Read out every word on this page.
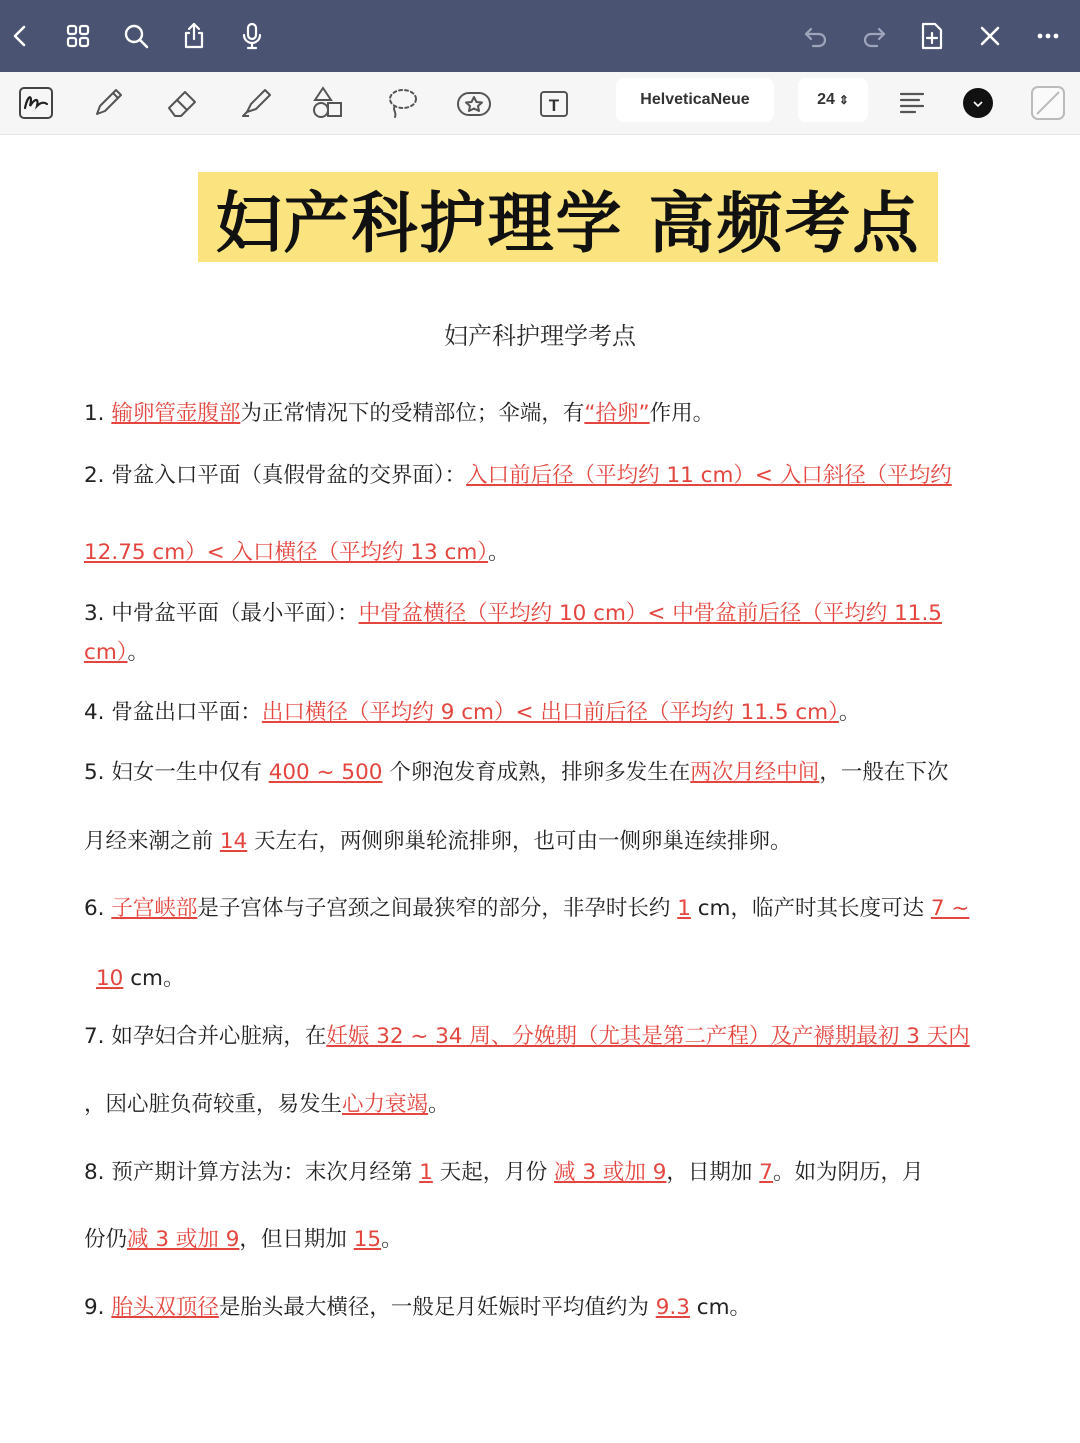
T	HelveticaNeue	24 ⇕
妇产科护理学 高频考点
妇产科护理学考点
1. 输卵管壶腹部为正常情况下的受精部位；伞端，有“拾卵”作用。
2. 骨盆入口平面（真假骨盆的交界面）：入口前后径（平均约 11 cm）< 入口斜径（平均约
12.75 cm）< 入口横径（平均约 13 cm）。
3. 中骨盆平面（最小平面）：中骨盆横径（平均约 10 cm）< 中骨盆前后径（平均约 11.5
cm）。
4. 骨盆出口平面：出口横径（平均约 9 cm）< 出口前后径（平均约 11.5 cm）。
5. 妇女一生中仅有 400 ~ 500 个卵泡发育成熟，排卵多发生在两次月经中间，一般在下次
月经来潮之前 14 天左右，两侧卵巢轮流排卵，也可由一侧卵巢连续排卵。
6. 子宫峡部是子宫体与子宫颈之间最狭窄的部分，非孕时长约 1 cm，临产时其长度可达 7 ~
10 cm。
7. 如孕妇合并心脏病，在妊娠 32 ~ 34 周、分娩期（尤其是第二产程）及产褥期最初 3 天内
，因心脏负荷较重，易发生心力衰竭。
8. 预产期计算方法为：末次月经第 1 天起，月份 减 3 或加 9，日期加 7。如为阴历，月
份仍减 3 或加 9，但日期加 15。
9. 胎头双顶径是胎头最大横径，一般足月妊娠时平均值约为 9.3 cm。
